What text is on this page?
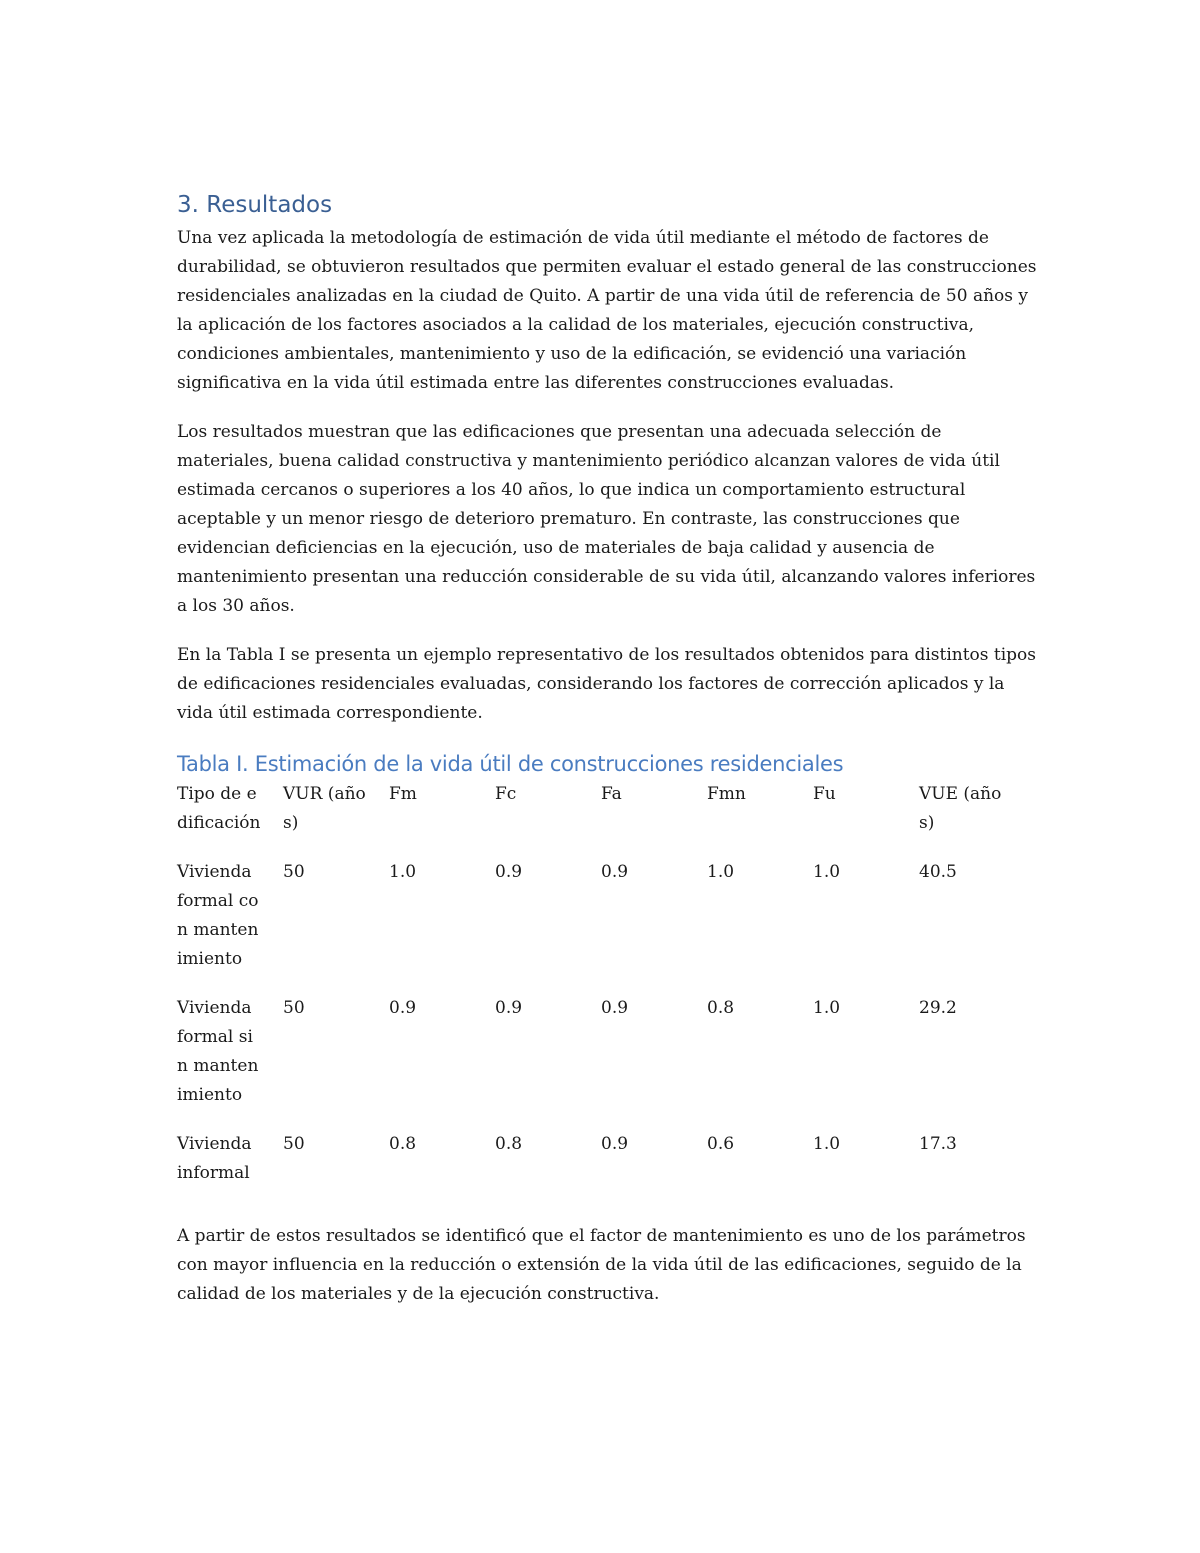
3. Resultados

Una vez aplicada la metodología de estimación de vida útil mediante el método de factores de durabilidad, se obtuvieron resultados que permiten evaluar el estado general de las construcciones residenciales analizadas en la ciudad de Quito. A partir de una vida útil de referencia de 50 años y la aplicación de los factores asociados a la calidad de los materiales, ejecución constructiva, condiciones ambientales, mantenimiento y uso de la edificación, se evidenció una variación significativa en la vida útil estimada entre las diferentes construcciones evaluadas.

Los resultados muestran que las edificaciones que presentan una adecuada selección de materiales, buena calidad constructiva y mantenimiento periódico alcanzan valores de vida útil estimada cercanos o superiores a los 40 años, lo que indica un comportamiento estructural aceptable y un menor riesgo de deterioro prematuro. En contraste, las construcciones que evidencian deficiencias en la ejecución, uso de materiales de baja calidad y ausencia de mantenimiento presentan una reducción considerable de su vida útil, alcanzando valores inferiores a los 30 años.

En la Tabla I se presenta un ejemplo representativo de los resultados obtenidos para distintos tipos de edificaciones residenciales evaluadas, considerando los factores de corrección aplicados y la vida útil estimada correspondiente.

Tabla I. Estimación de la vida útil de construcciones residenciales
Tipo de edificación	VUR (años)	Fm	Fc	Fa	Fmn	Fu	VUE (años)

Vivienda formal con mantenimiento	50	1.0	0.9	0.9	1.0	1.0	40.5

Vivienda formal sin mantenimiento	50	0.9	0.9	0.9	0.8	1.0	29.2

Vivienda informal	50	0.8	0.8	0.9	0.6	1.0	17.3

A partir de estos resultados se identificó que el factor de mantenimiento es uno de los parámetros con mayor influencia en la reducción o extensión de la vida útil de las edificaciones, seguido de la calidad de los materiales y de la ejecución constructiva.
